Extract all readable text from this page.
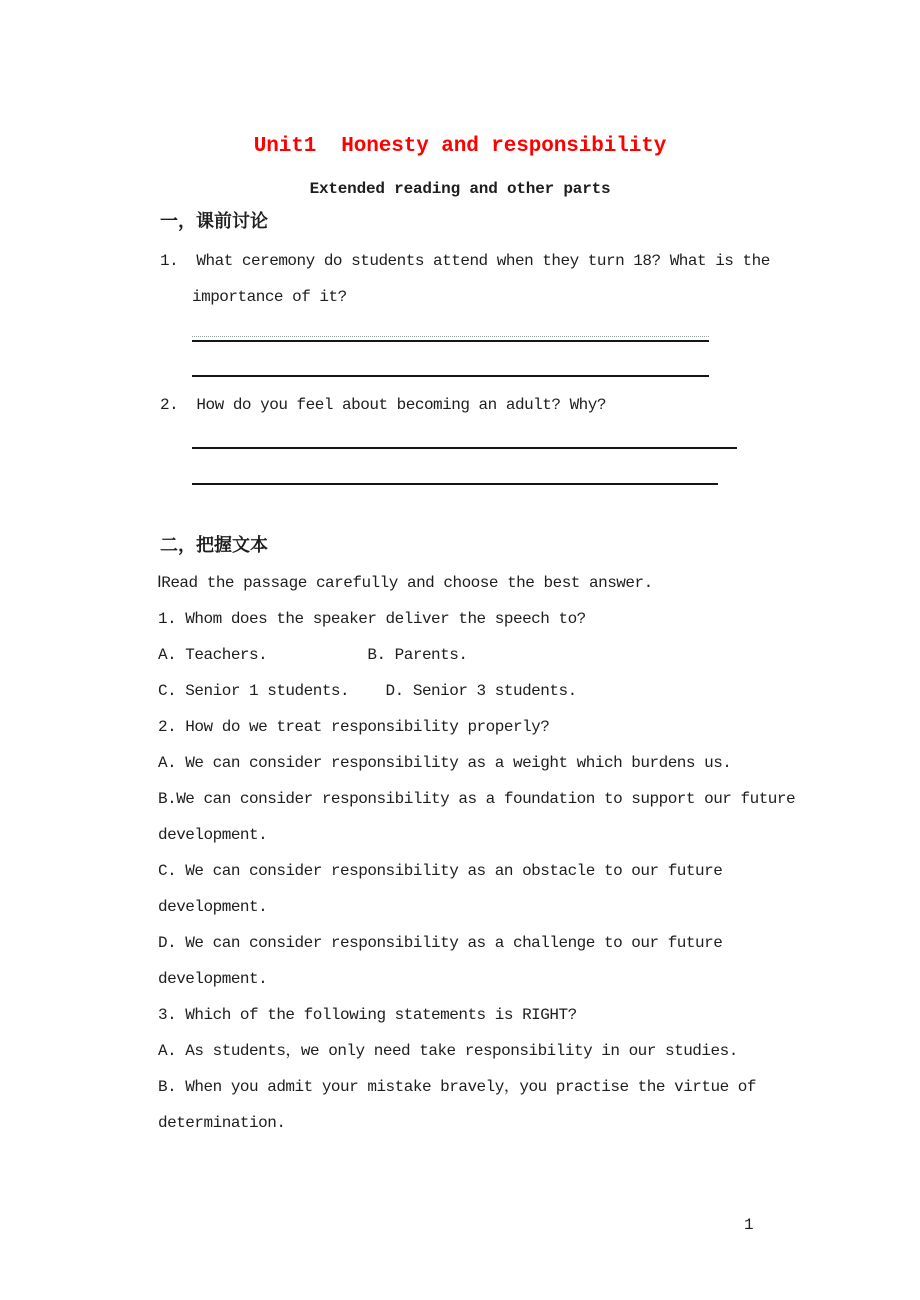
Unit1  Honesty and responsibility
Extended reading and other parts
一，课前讨论
1.  What ceremony do students attend when they turn 18? What is the
importance of it?
2.  How do you feel about becoming an adult? Why?
二，把握文本
ⅠRead the passage carefully and choose the best answer.
1. Whom does the speaker deliver the speech to?
A. Teachers.           B. Parents.
C. Senior 1 students.    D. Senior 3 students.
2. How do we treat responsibility properly?
A. We can consider responsibility as a weight which burdens us.
B.We can consider responsibility as a foundation to support our future
development.
C. We can consider responsibility as an obstacle to our future
development.
D. We can consider responsibility as a challenge to our future
development.
3. Which of the following statements is RIGHT?
A. As students，we only need take responsibility in our studies.
B. When you admit your mistake bravely，you practise the virtue of
determination.
1
